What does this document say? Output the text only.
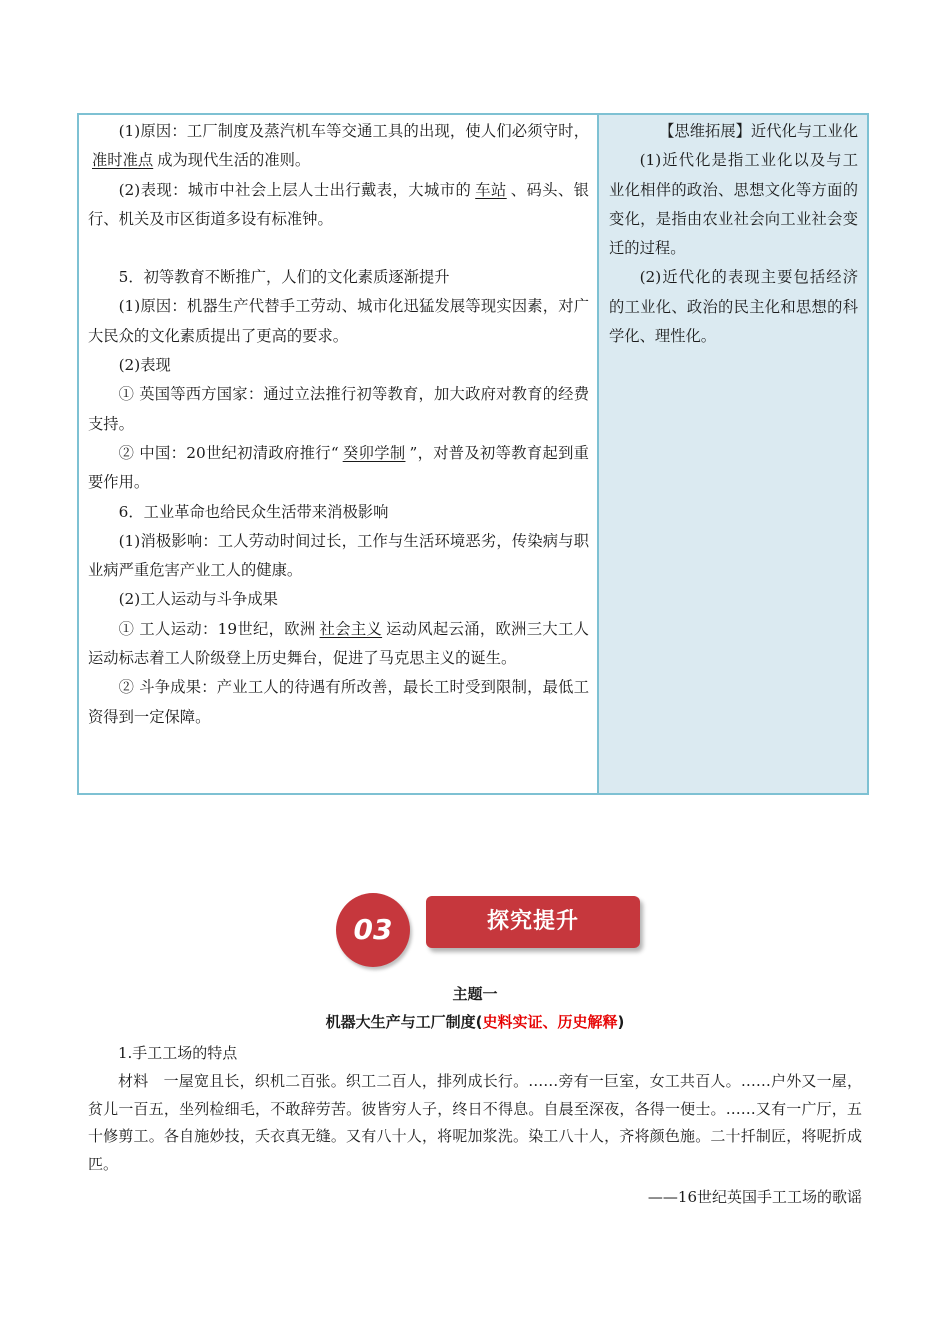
(1)原因：工厂制度及蒸汽机车等交通工具的出现，使人们必须守时，准时准点 成为现代生活的准则。

(2)表现：城市中社会上层人士出行戴表，大城市的 车站 、码头、银行、机关及市区街道多设有标准钟。

5．初等教育不断推广，人们的文化素质逐渐提升

(1)原因：机器生产代替手工劳动、城市化迅猛发展等现实因素，对广大民众的文化素质提出了更高的要求。

(2)表现

① 英国等西方国家：通过立法推行初等教育，加大政府对教育的经费支持。

② 中国：20世纪初清政府推行“ 癸卯学制 ”，对普及初等教育起到重要作用。

6．工业革命也给民众生活带来消极影响

(1)消极影响：工人劳动时间过长，工作与生活环境恶劣，传染病与职业病严重危害产业工人的健康。

(2)工人运动与斗争成果

① 工人运动：19世纪，欧洲 社会主义 运动风起云涌，欧洲三大工人运动标志着工人阶级登上历史舞台，促进了马克思主义的诞生。

② 斗争成果：产业工人的待遇有所改善，最长工时受到限制，最低工资得到一定保障。

【思维拓展】近代化与工业化

(1)近代化是指工业化以及与工业化相伴的政治、思想文化等方面的变化，是指由农业社会向工业社会变迁的过程。

(2)近代化的表现主要包括经济的工业化、政治的民主化和思想的科学化、理性化。

03	探究提升
主题一
机器大生产与工厂制度(史料实证、历史解释)
1.手工工场的特点
材料　一屋宽且长，织机二百张。织工二百人，排列成长行。……旁有一巨室，女工共百人。……户外又一屋，贫儿一百五，坐列检细毛，不敢辞劳苦。彼皆穷人子，终日不得息。自晨至深夜，各得一便士。……又有一广厅，五十修剪工。各自施妙技，夭衣真无缝。又有八十人，将呢加浆洗。染工八十人，齐将颜色施。二十扦制匠，将呢折成匹。
——16世纪英国手工工场的歌谣
